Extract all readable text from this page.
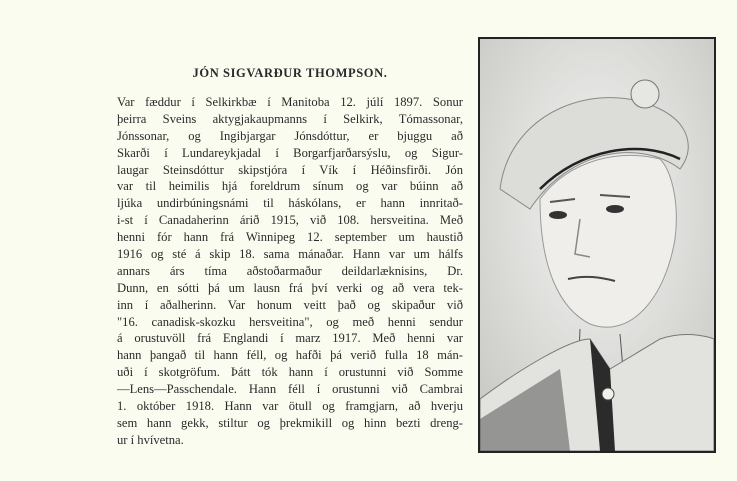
JÓN SIGVARÐUR THOMPSON.
Var fæddur í Selkirkbæ í Manitoba 12. júlí 1897. Sonur
þeirra Sveins aktygjakaupmanns í Selkirk, Tómassonar,
Jónssonar, og Ingibjargar Jónsdóttur, er bjuggu að
Skarði í Lundareykjadal í Borgarfjarðarsýslu, og Sigur-
laugar Steinsdóttur skipstjóra í Vík í Héðinsfirði. Jón
var til heimilis hjá foreldrum sínum og var búinn að
ljúka undirbúningsnámi til háskólans, er hann innritað-
i-st í Canadaherinn árið 1915, við 108. hersveitina. Með
henni fór hann frá Winnipeg 12. september um haustið
1916 og sté á skip 18. sama mánaðar. Hann var um hálfs
annars árs tíma aðstoðarmaður deildarlæknisins, Dr.
Dunn, en sótti þá um lausn frá því verki og að vera tek-
inn í aðalherinn. Var honum veitt það og skipaður við
"16. canadisk-skozku hersveitina", og með henni sendur
á orustuvöll frá Englandi í marz 1917. Með henni var
hann þangað til hann féll, og hafði þá verið fulla 18 mán-
uði í skotgröfum. Þátt tók hann í orustunni við Somme
—Lens—Passchendale. Hann féll í orustunni við Cambrai
1. október 1918. Hann var ötull og framgjarn, að hverju
sem hann gekk, stiltur og þrekmikill og hinn bezti dreng-
ur í hvívetna.
